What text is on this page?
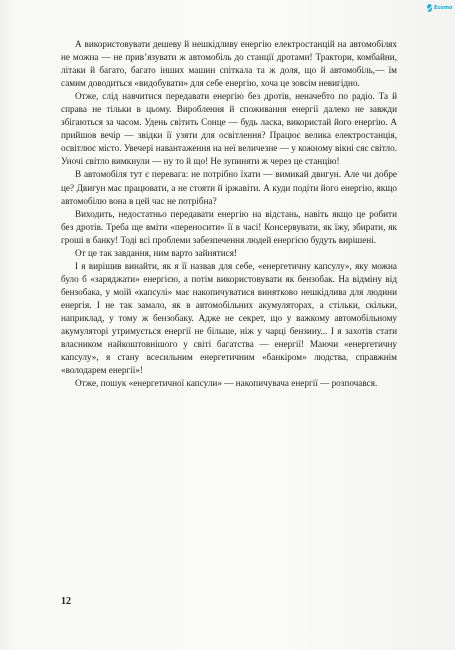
Ecomo

А використовувати дешеву й нешкідливу енергію електростанцій на автомобілях не можна — не прив’язувати ж автомобіль до станції дротами! Трактори, комбайни, літаки й багато, багато інших машин спіткала та ж доля, що й автомобіль,— їм самим доводиться «видобувати» для себе енергію, хоча це зовсім невигідно.

Отже, слід навчитися передавати енергію без дротів, неначебто по радіо. Та й справа не тільки в цьому. Вироблення й споживання енергії далеко не завжди збігаються за часом. Удень світить Сонце — будь ласка, використай його енергію. А прийшов вечір — звідки її узяти для освітлення? Працює велика електростанція, освітлює місто. Увечері навантаження на неї величезне — у кожному вікні сяє світло. Уночі світло вимкнули — ну то й що! Не зупиняти ж через це станцію!

В автомобіля тут є перевага: не потрібно їхати — вимикай двигун. Але чи добре це? Двигун має працювати, а не стояти й іржавіти. А куди подіти його енергію, якщо автомобілю вона в цей час не потрібна?

Виходить, недостатньо передавати енергію на відстань, навіть якщо це робити без дротів. Треба ще вміти «переносити» її в часі! Консервувати, як їжу, збирати, як гроші в банку! Тоді всі проблеми забезпечення людей енергією будуть вирішені.

От це так завдання, ним варто зайнятися!

І я вирішив винайти, як я її назвав для себе, «енергетичну капсулу», яку можна було б «заряджати» енергією, а потім використовувати як бензобак. На відміну від бензобака, у моїй «капсулі» має накопичуватися винятково нешкідлива для людини енергія. І не так замало, як в автомобільних акумуляторах, а стільки, скільки, наприклад, у тому ж бензобаку. Адже не секрет, що у важкому автомобільному акумуляторі утримується енергії не більше, ніж у чарці бензину... І я захотів стати власником найкоштовнішого у світі багатства — енергії! Маючи «енергетичну капсулу», я стану всесильним енергетичним «банкіром» людства, справжнім «володарем енергії»!

Отже, пошук «енергетичної капсули» — накопичувача енергії — розпочався.

12
